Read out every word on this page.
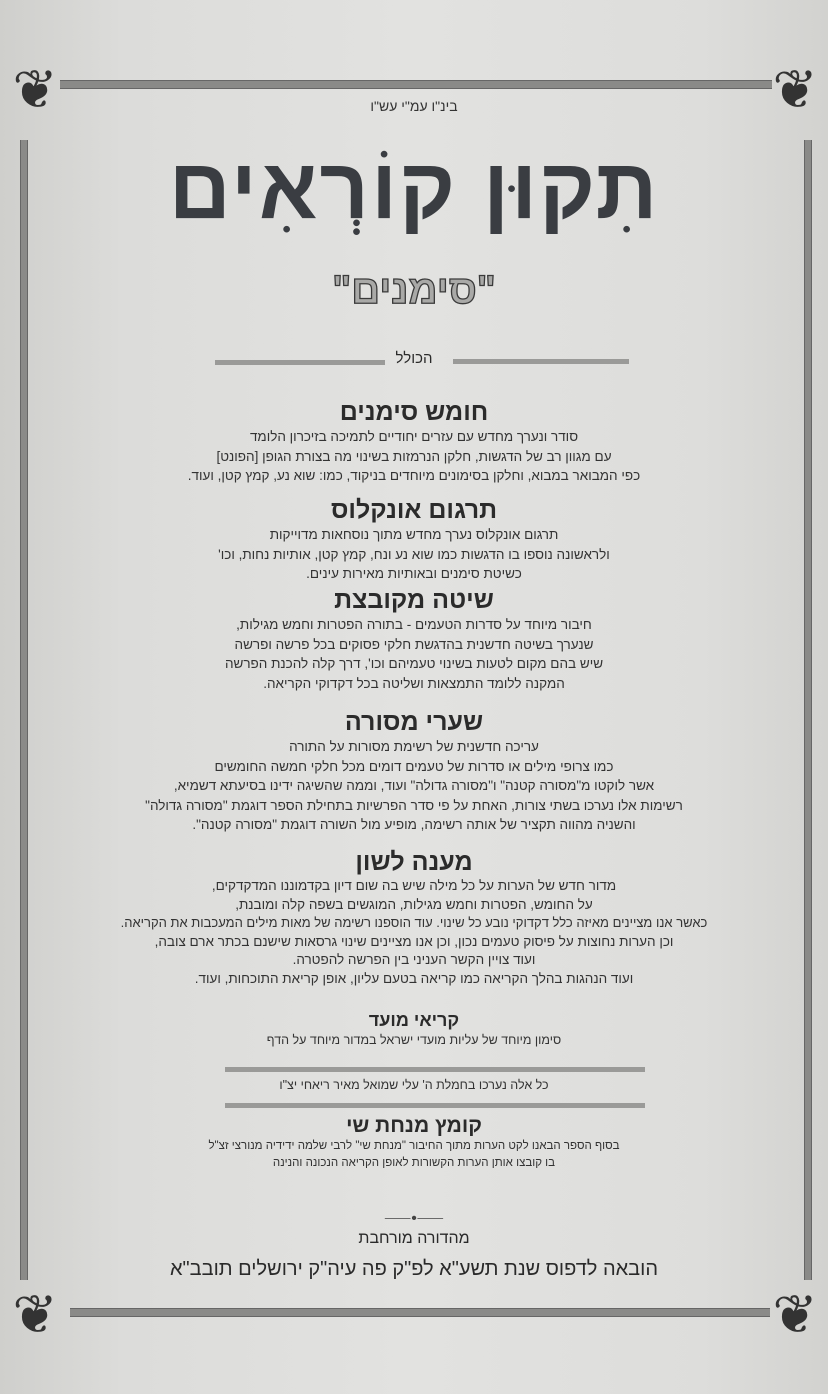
❦	❦
❦	❦
בינ"ו עמ"י עש"ו
תִקוּן קוֹרְאִים
"סימנים"
הכולל
חומש סימנים
סודר ונערך מחדש עם עזרים יחודיים לתמיכה בזיכרון הלומד
עם מגוון רב של הדגשות, חלקן הנרמזות בשינוי מה בצורת הגופן [הפונט]
כפי המבואר במבוא, וחלקן בסימונים מיוחדים בניקוד, כמו: שוא נע, קמץ קטן, ועוד.
תרגום אונקלוס
תרגום אונקלוס נערך מחדש מתוך נוסחאות מדוייקות
ולראשונה נוספו בו הדגשות כמו שוא נע ונח, קמץ קטן, אותיות נחות, וכו'
כשיטת סימנים ובאותיות מאירות עינים.
שיטה מקובצת
חיבור מיוחד על סדרות הטעמים - בתורה הפטרות וחמש מגילות,
שנערך בשיטה חדשנית בהדגשת חלקי פסוקים בכל פרשה ופרשה
שיש בהם מקום לטעות בשינוי טעמיהם וכו', דרך קלה להכנת הפרשה
המקנה ללומד התמצאות ושליטה בכל דקדוקי הקריאה.
שערי מסורה
עריכה חדשנית של רשימת מסורות על התורה
כמו צרופי מילים או סדרות של טעמים דומים מכל חלקי חמשה החומשים
אשר לוקטו מ"מסורה קטנה" ו"מסורה גדולה" ועוד, וממה שהשיגה ידינו בסיעתא דשמיא,
רשימות אלו נערכו בשתי צורות, האחת על פי סדר הפרשיות בתחילת הספר דוגמת "מסורה גדולה"
והשניה מהווה תקציר של אותה רשימה, מופיע מול השורה דוגמת "מסורה קטנה".
מענה לשון
מדור חדש של הערות על כל מילה שיש בה שום דיון בקדמוננו המדקדקים,
על החומש, הפטרות וחמש מגילות, המוגשים בשפה קלה ומובנת,
כאשר אנו מציינים מאיזה כלל דקדוקי נובע כל שינוי. עוד הוספנו רשימה של מאות מילים המעכבות את הקריאה.
וכן הערות נחוצות על פיסוק טעמים נכון, וכן אנו מציינים שינוי גרסאות שישנם בכתר ארם צובה,
ועוד צויין הקשר העניני בין הפרשה להפטרה.
ועוד הנהגות בהלך הקריאה כמו קריאה בטעם עליון, אופן קריאת התוכחות, ועוד.
קריאי מועד
סימון מיוחד של עליות מועדי ישראל במדור מיוחד על הדף
כל אלה נערכו בחמלת ה' עלי שמואל מאיר ריאחי יצ"ו
קומץ מנחת שי
בסוף הספר הבאנו לקט הערות מתוך החיבור "מנחת שי" לרבי שלמה ידידיה מנורצי זצ"ל
בו קובצו אותן הערות הקשורות לאופן הקריאה הנכונה והנינה
⸺•⸺
מהדורה מורחבת
הובאה לדפוס שנת תשע"א לפ"ק פה עיה"ק ירושלים תובב"א
